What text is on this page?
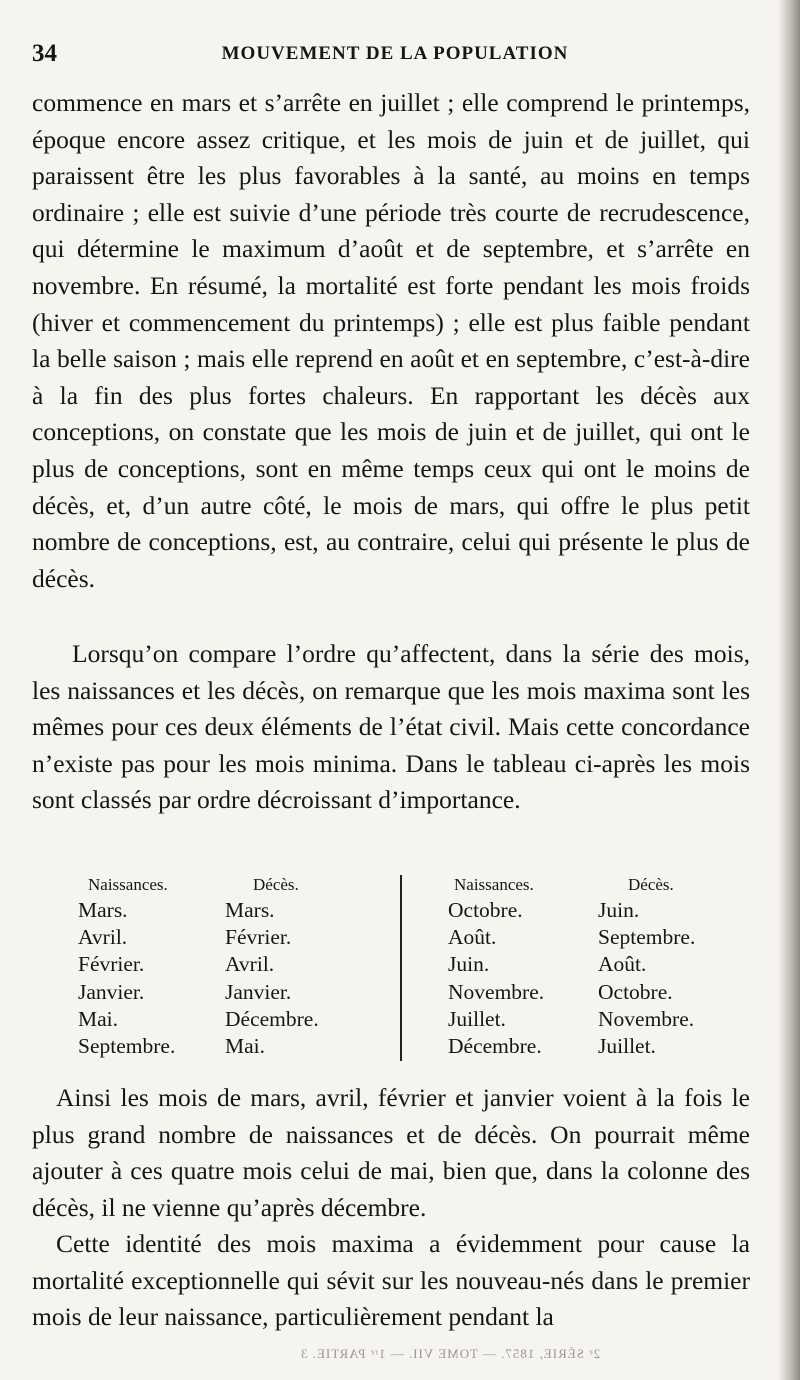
34	MOUVEMENT DE LA POPULATION

commence en mars et s’arrête en juillet ; elle comprend le printemps, époque encore assez critique, et les mois de juin et de juillet, qui paraissent être les plus favorables à la santé, au moins en temps ordinaire ; elle est suivie d’une période très courte de recrudescence, qui détermine le maximum d’août et de septembre, et s’arrête en novembre. En résumé, la mortalité est forte pendant les mois froids (hiver et commencement du printemps) ; elle est plus faible pendant la belle saison ; mais elle reprend en août et en septembre, c’est-à-dire à la fin des plus fortes chaleurs. En rapportant les décès aux conceptions, on constate que les mois de juin et de juillet, qui ont le plus de conceptions, sont en même temps ceux qui ont le moins de décès, et, d’un autre côté, le mois de mars, qui offre le plus petit nombre de conceptions, est, au contraire, celui qui présente le plus de décès.

Lorsqu’on compare l’ordre qu’affectent, dans la série des mois, les naissances et les décès, on remarque que les mois maxima sont les mêmes pour ces deux éléments de l’état civil. Mais cette concordance n’existe pas pour les mois minima. Dans le tableau ci-après les mois sont classés par ordre décroissant d’importance.

Naissances.
Mars.
Avril.
Février.
Janvier.
Mai.
Septembre.
Décès.
Mars.
Février.
Avril.
Janvier.
Décembre.
Mai.
Naissances.
Octobre.
Août.
Juin.
Novembre.
Juillet.
Décembre.
Décès.
Juin.
Septembre.
Août.
Octobre.
Novembre.
Juillet.

Ainsi les mois de mars, avril, février et janvier voient à la fois le plus grand nombre de naissances et de décès. On pourrait même ajouter à ces quatre mois celui de mai, bien que, dans la colonne des décès, il ne vienne qu’après décembre.

Cette identité des mois maxima a évidemment pour cause la mortalité exceptionnelle qui sévit sur les nouveau-nés dans le premier mois de leur naissance, particulièrement pendant la

2ᵉ SÉRIE, 1857. — TOME VII. — 1ʳᵉ PARTIE. 3
